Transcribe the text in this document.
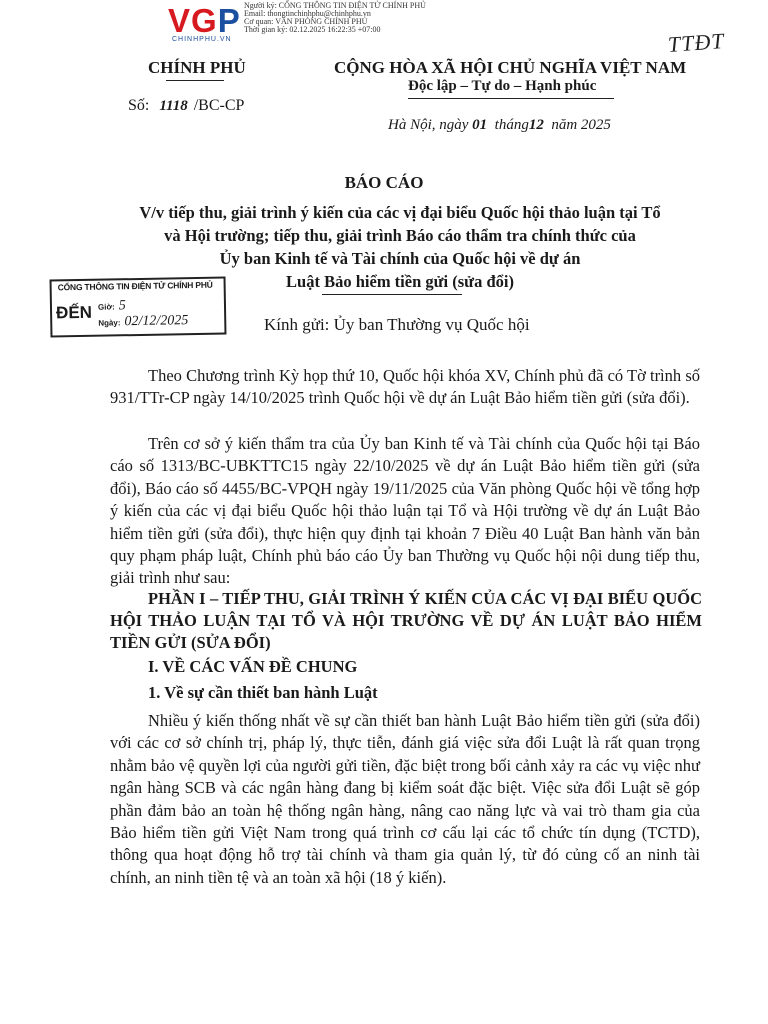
VGP
CHINHPHU.VN
Người ký: CỔNG THÔNG TIN ĐIỆN TỬ CHÍNH PHỦ
Email: thongtinchinhphu@chinhphu.vn
Cơ quan: VĂN PHÒNG CHÍNH PHỦ
Thời gian ký: 02.12.2025 16:22:35 +07:00	TTĐT
CHÍNH PHỦ
Số: 1118 /BC-CP
CỘNG HÒA XÃ HỘI CHỦ NGHĨA VIỆT NAM
Độc lập – Tự do – Hạnh phúc
Hà Nội, ngày 01 tháng12 năm 2025
BÁO CÁO
V/v tiếp thu, giải trình ý kiến của các vị đại biểu Quốc hội thảo luận tại Tổ
và Hội trường; tiếp thu, giải trình Báo cáo thẩm tra chính thức của
Ủy ban Kinh tế và Tài chính của Quốc hội về dự án
Luật Bảo hiểm tiền gửi (sửa đổi)
CỔNG THÔNG TIN ĐIỆN TỬ CHÍNH PHỦ
ĐẾN Giờ: 5
Ngày: 02/12/2025	Kính gửi: Ủy ban Thường vụ Quốc hội
Theo Chương trình Kỳ họp thứ 10, Quốc hội khóa XV, Chính phủ đã có Tờ trình số 931/TTr-CP ngày 14/10/2025 trình Quốc hội về dự án Luật Bảo hiểm tiền gửi (sửa đổi).
Trên cơ sở ý kiến thẩm tra của Ủy ban Kinh tế và Tài chính của Quốc hội tại Báo cáo số 1313/BC-UBKTTC15 ngày 22/10/2025 về dự án Luật Bảo hiểm tiền gửi (sửa đổi), Báo cáo số 4455/BC-VPQH ngày 19/11/2025 của Văn phòng Quốc hội về tổng hợp ý kiến của các vị đại biểu Quốc hội thảo luận tại Tổ và Hội trường về dự án Luật Bảo hiểm tiền gửi (sửa đổi), thực hiện quy định tại khoản 7 Điều 40 Luật Ban hành văn bản quy phạm pháp luật, Chính phủ báo cáo Ủy ban Thường vụ Quốc hội nội dung tiếp thu, giải trình như sau:
PHẦN I – TIẾP THU, GIẢI TRÌNH Ý KIẾN CỦA CÁC VỊ ĐẠI BIỂU QUỐC HỘI THẢO LUẬN TẠI TỔ VÀ HỘI TRƯỜNG VỀ DỰ ÁN LUẬT BẢO HIỂM TIỀN GỬI (SỬA ĐỔI)
I. VỀ CÁC VẤN ĐỀ CHUNG
1. Về sự cần thiết ban hành Luật
Nhiều ý kiến thống nhất về sự cần thiết ban hành Luật Bảo hiểm tiền gửi (sửa đổi) với các cơ sở chính trị, pháp lý, thực tiễn, đánh giá việc sửa đổi Luật là rất quan trọng nhằm bảo vệ quyền lợi của người gửi tiền, đặc biệt trong bối cảnh xảy ra các vụ việc như ngân hàng SCB và các ngân hàng đang bị kiểm soát đặc biệt. Việc sửa đổi Luật sẽ góp phần đảm bảo an toàn hệ thống ngân hàng, nâng cao năng lực và vai trò tham gia của Bảo hiểm tiền gửi Việt Nam trong quá trình cơ cấu lại các tổ chức tín dụng (TCTD), thông qua hoạt động hỗ trợ tài chính và tham gia quản lý, từ đó củng cố an ninh tài chính, an ninh tiền tệ và an toàn xã hội (18 ý kiến).
